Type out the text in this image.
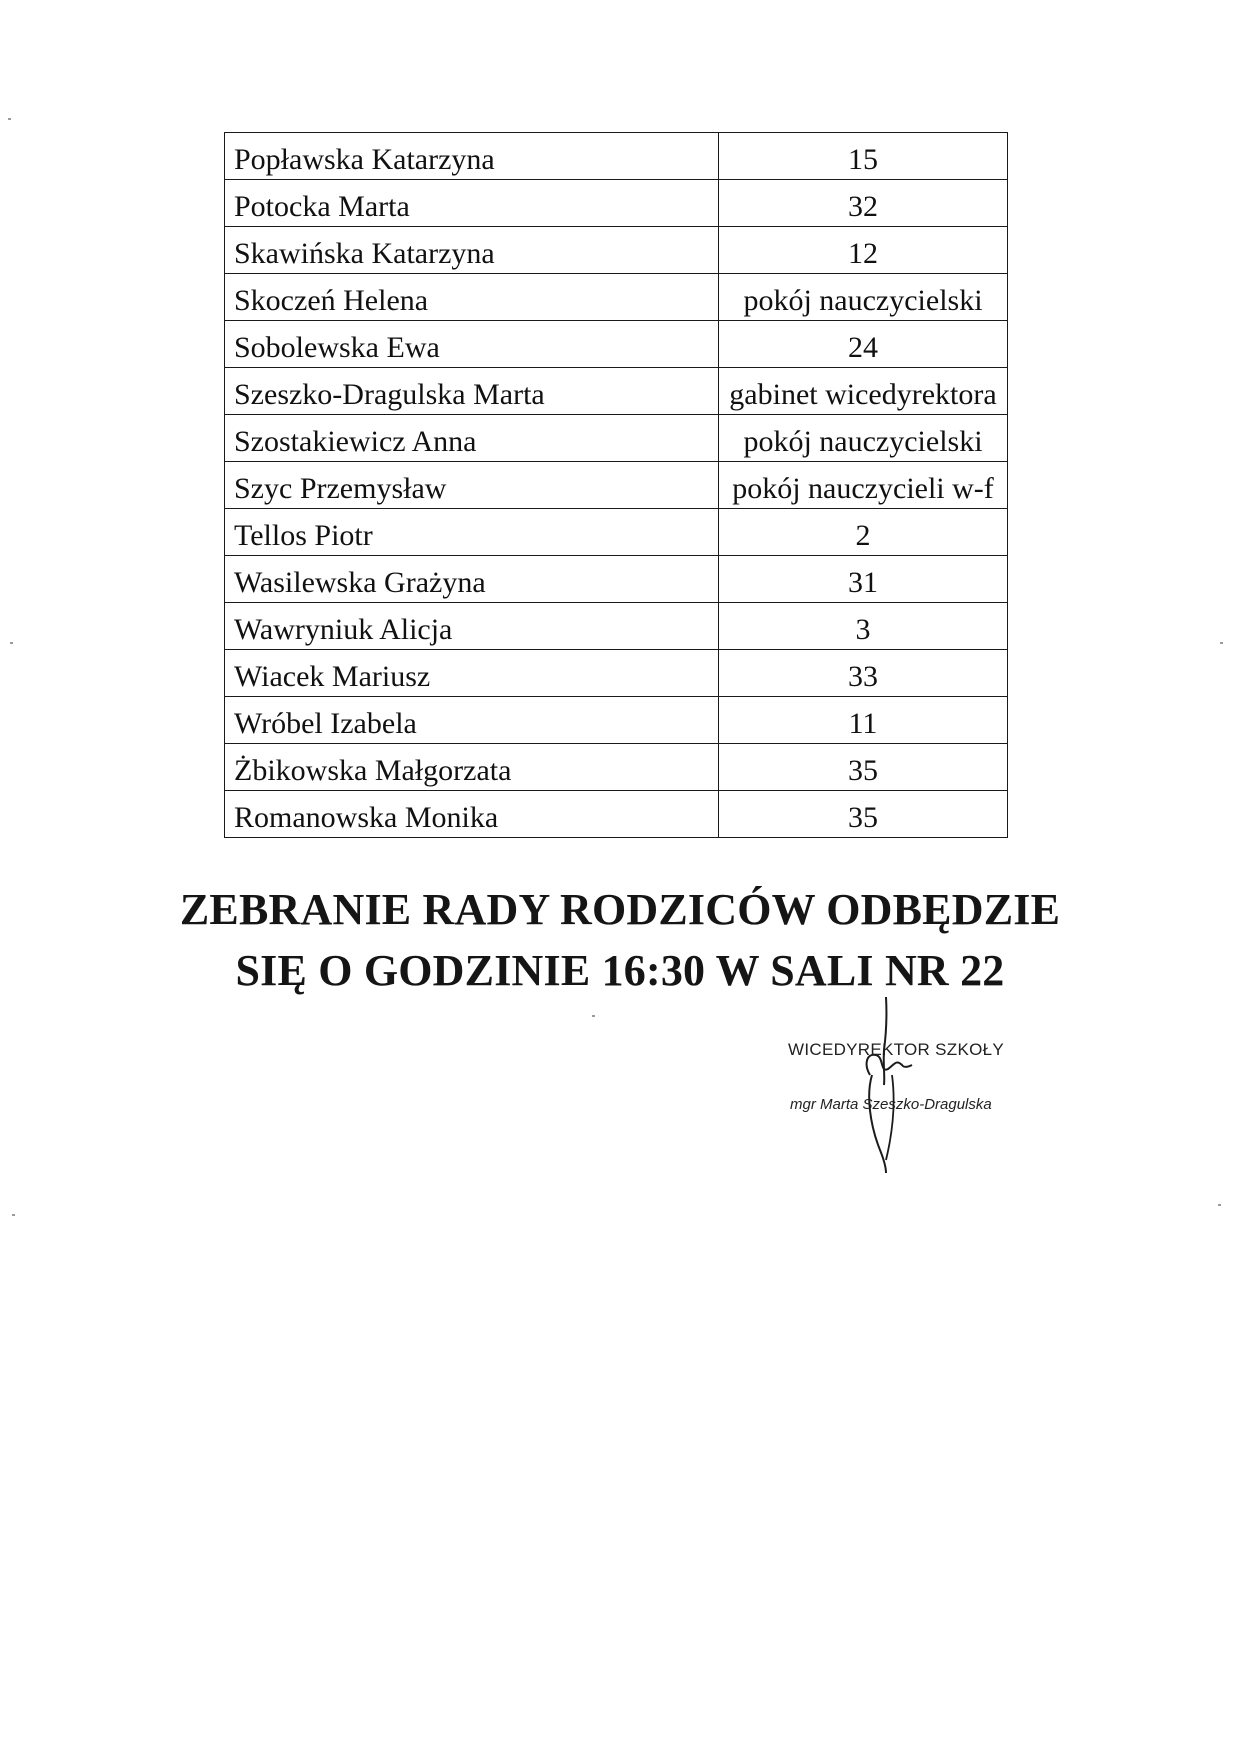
Popławska Katarzyna	15
Potocka Marta	32
Skawińska Katarzyna	12
Skoczeń Helena	pokój nauczycielski
Sobolewska Ewa	24
Szeszko-Dragulska Marta	gabinet wicedyrektora
Szostakiewicz Anna	pokój nauczycielski
Szyc Przemysław	pokój nauczycieli w-f
Tellos Piotr	2
Wasilewska Grażyna	31
Wawryniuk Alicja	3
Wiacek Mariusz	33
Wróbel Izabela	11
Żbikowska Małgorzata	35
Romanowska Monika	35
ZEBRANIE RADY RODZICÓW ODBĘDZIE
SIĘ O GODZINIE 16:30 W SALI NR 22
WICEDYREKTOR SZKOŁY
mgr Marta Szeszko-Dragulska
